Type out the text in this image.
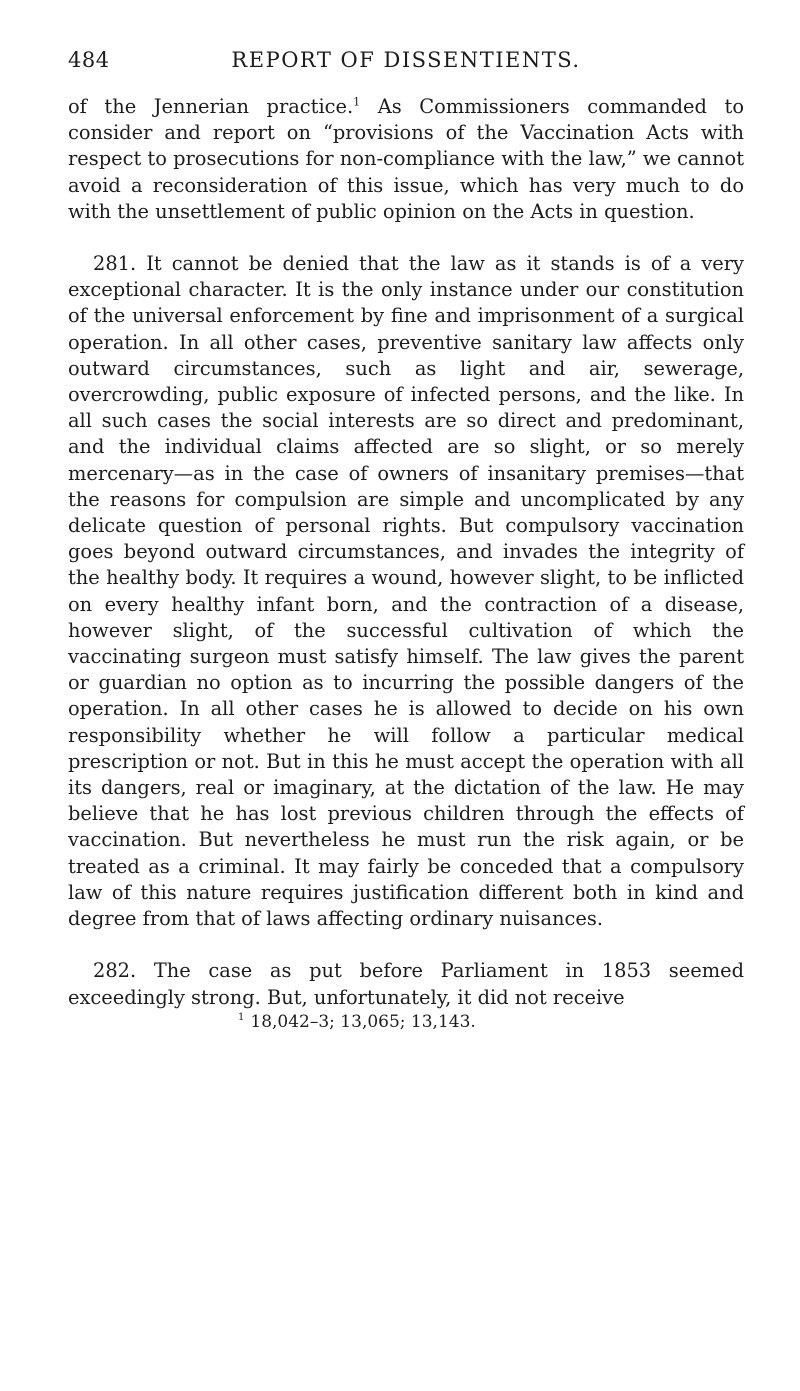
484	REPORT OF DISSENTIENTS.

of the Jennerian practice.$^1$ As Commissioners commanded to consider and report on “provisions of the Vaccination Acts with respect to prosecutions for non-compliance with the law,” we cannot avoid a reconsideration of this issue, which has very much to do with the unsettlement of public opinion on the Acts in question.

281. It cannot be denied that the law as it stands is of a very exceptional character. It is the only instance under our constitution of the universal enforcement by fine and imprisonment of a surgical operation. In all other cases, preventive sanitary law affects only outward circumstances, such as light and air, sewerage, overcrowding, public exposure of infected persons, and the like. In all such cases the social interests are so direct and predominant, and the individual claims affected are so slight, or so merely mercenary—as in the case of owners of insanitary premises—that the reasons for compulsion are simple and uncomplicated by any delicate question of personal rights. But compulsory vaccination goes beyond outward circumstances, and invades the integrity of the healthy body. It requires a wound, however slight, to be inflicted on every healthy infant born, and the contraction of a disease, however slight, of the successful cultivation of which the vaccinating surgeon must satisfy himself. The law gives the parent or guardian no option as to incurring the possible dangers of the operation. In all other cases he is allowed to decide on his own responsibility whether he will follow a particular medical prescription or not. But in this he must accept the operation with all its dangers, real or imaginary, at the dictation of the law. He may believe that he has lost previous children through the effects of vaccination. But nevertheless he must run the risk again, or be treated as a criminal. It may fairly be conceded that a compulsory law of this nature requires justification different both in kind and degree from that of laws affecting ordinary nuisances.

282. The case as put before Parliament in 1853 seemed exceedingly strong. But, unfortunately, it did not receive

$^1$ 18,042–3; 13,065; 13,143.
